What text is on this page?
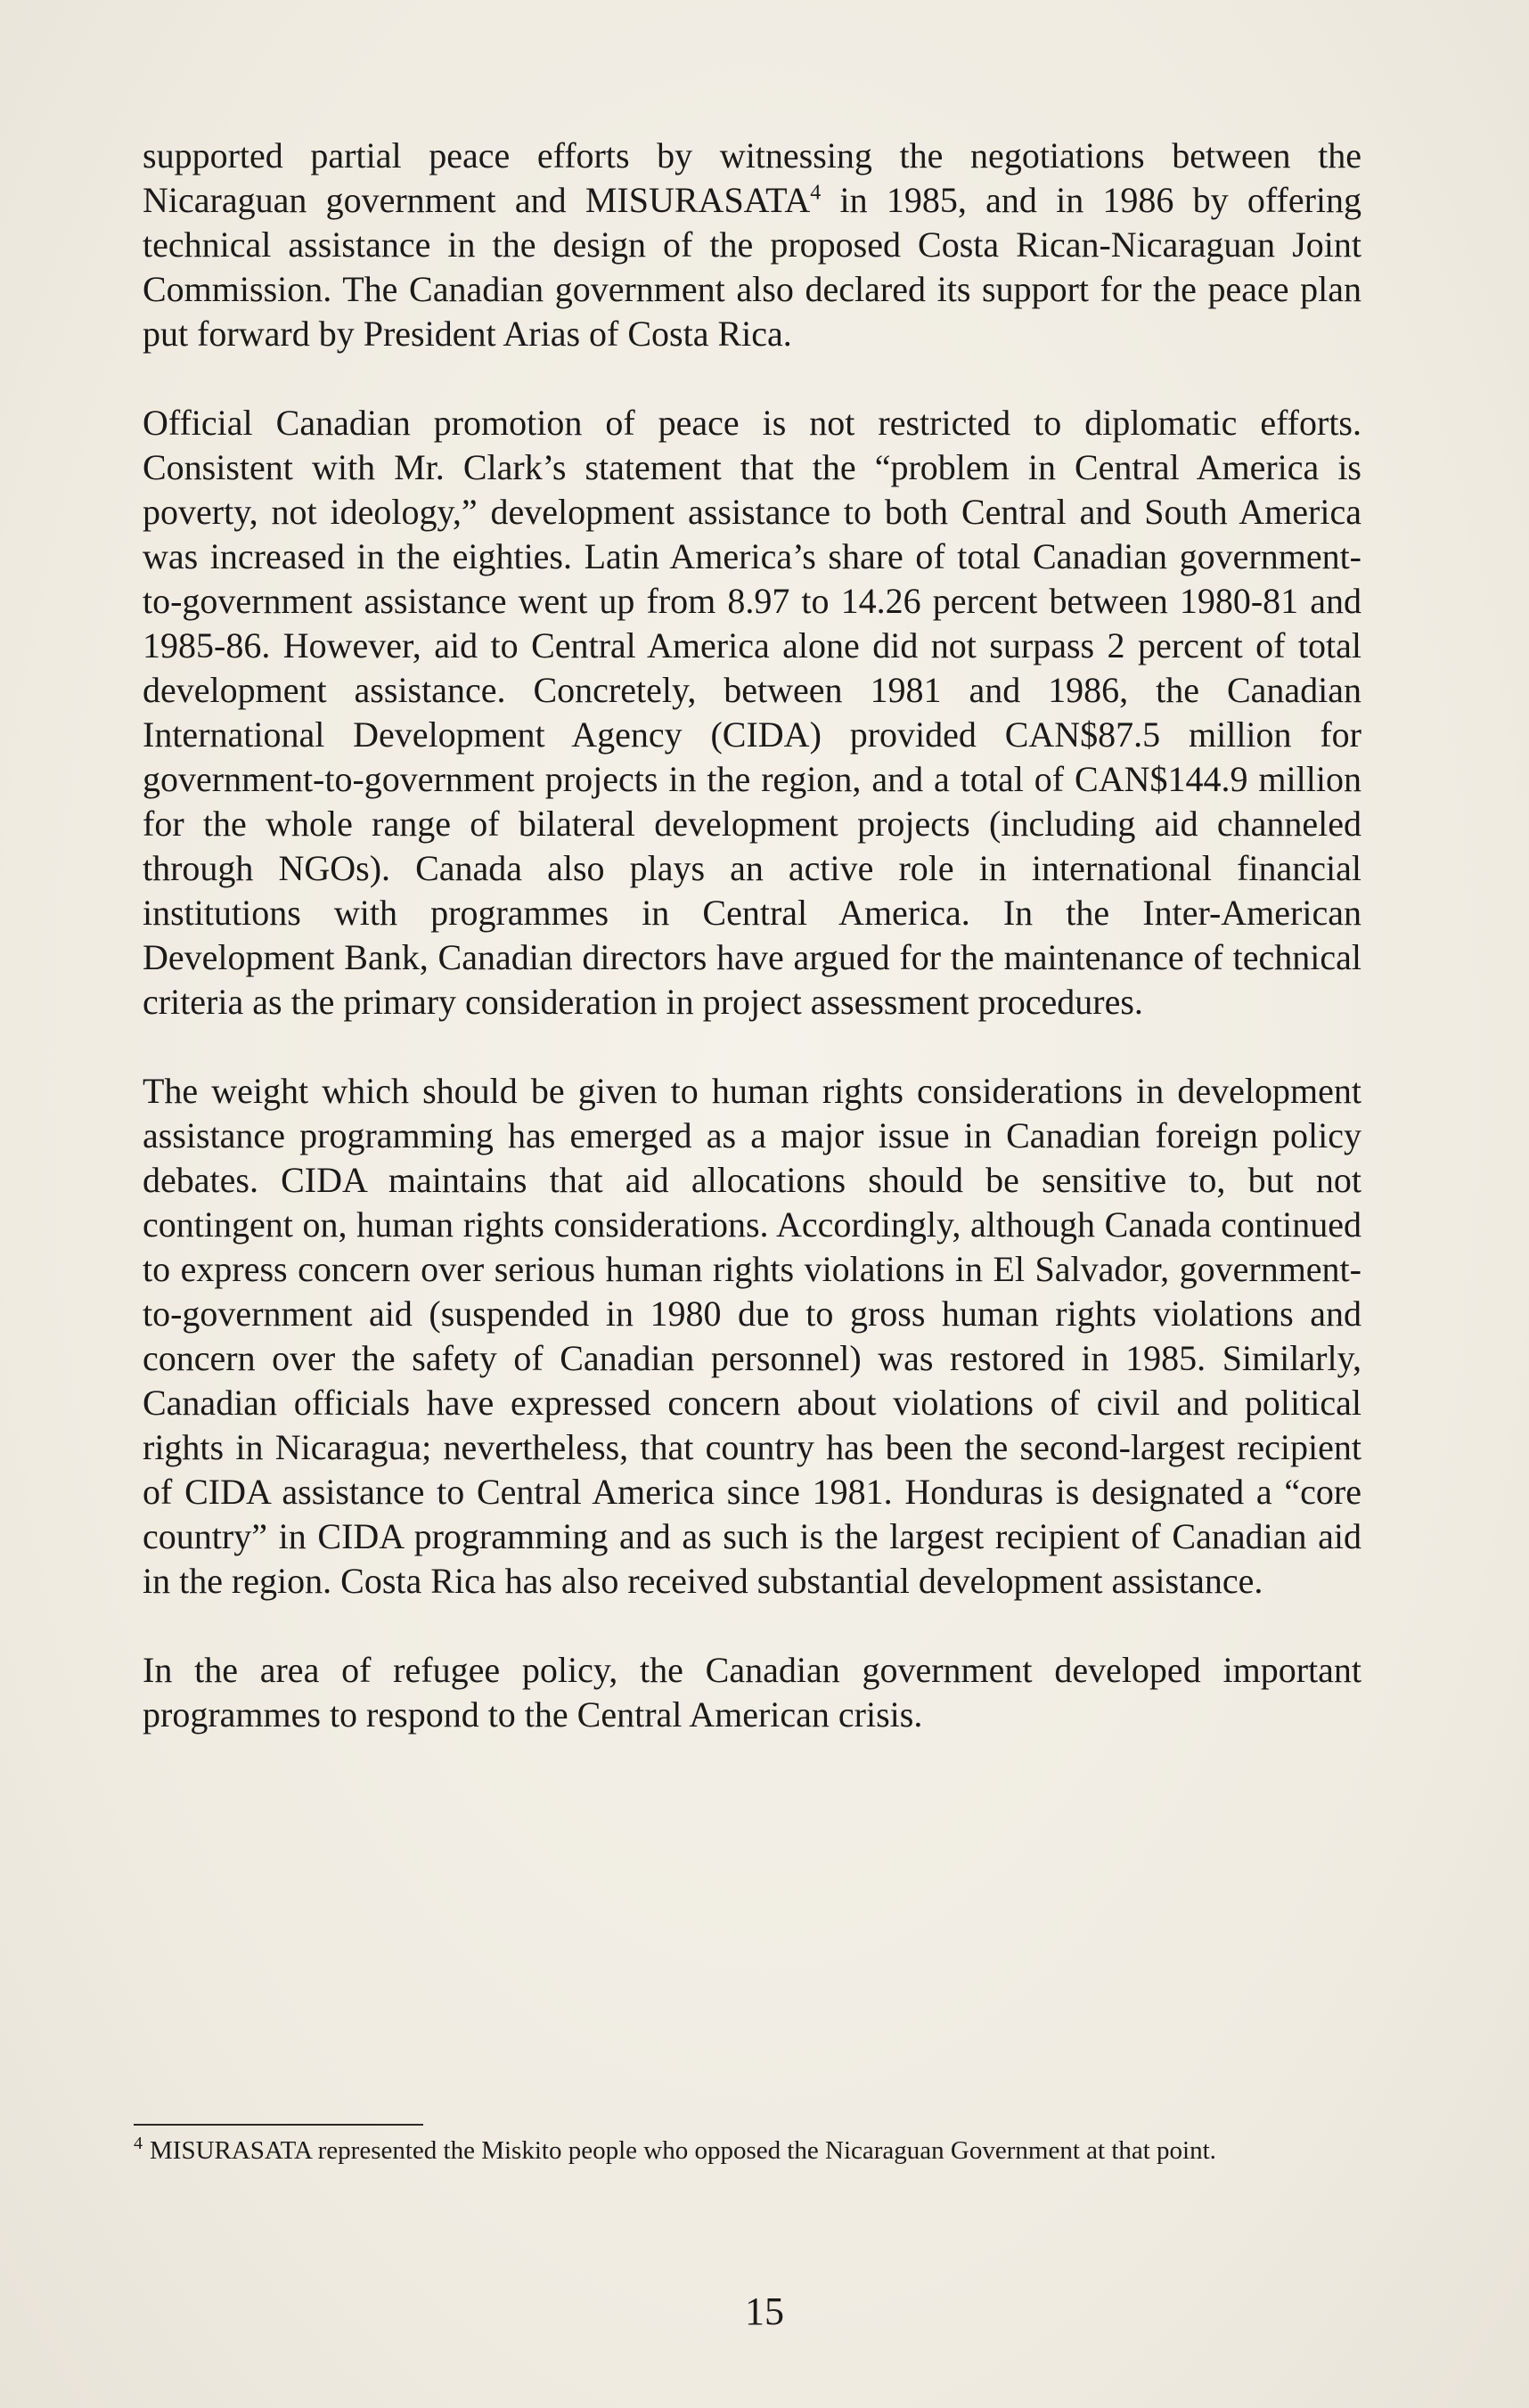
supported partial peace efforts by witnessing the negotiations between the Nicaraguan government and MISURASATA$^4$ in 1985, and in 1986 by offering technical assistance in the design of the proposed Costa Rican-Nicaraguan Joint Commission. The Canadian government also declared its support for the peace plan put forward by President Arias of Costa Rica.

Official Canadian promotion of peace is not restricted to diplomatic efforts. Consistent with Mr. Clark’s statement that the “problem in Central America is poverty, not ideology,” development assistance to both Central and South America was increased in the eighties. Latin America’s share of total Canadian government-to-government assistance went up from 8.97 to 14.26 percent between 1980-81 and 1985-86. However, aid to Central America alone did not surpass 2 percent of total development assistance. Concretely, between 1981 and 1986, the Canadian International Development Agency (CIDA) provided CAN$87.5 million for government-to-government projects in the region, and a total of CAN$144.9 million for the whole range of bilateral development projects (including aid channeled through NGOs). Canada also plays an active role in international financial institutions with programmes in Central America. In the Inter-American Development Bank, Canadian directors have argued for the maintenance of technical criteria as the primary consideration in project assessment procedures.

The weight which should be given to human rights considerations in development assistance programming has emerged as a major issue in Canadian foreign policy debates. CIDA maintains that aid allocations should be sensitive to, but not contingent on, human rights considerations. Accordingly, although Canada continued to express concern over serious human rights violations in El Salvador, government-to-government aid (suspended in 1980 due to gross human rights violations and concern over the safety of Canadian personnel) was restored in 1985. Similarly, Canadian officials have expressed concern about violations of civil and political rights in Nicaragua; nevertheless, that country has been the second-largest recipient of CIDA assistance to Central America since 1981. Honduras is designated a “core country” in CIDA programming and as such is the largest recipient of Canadian aid in the region. Costa Rica has also received substantial development assistance.

In the area of refugee policy, the Canadian government developed important programmes to respond to the Central American crisis.

$^4$ MISURASATA represented the Miskito people who opposed the Nicaraguan Government at that point.

15
